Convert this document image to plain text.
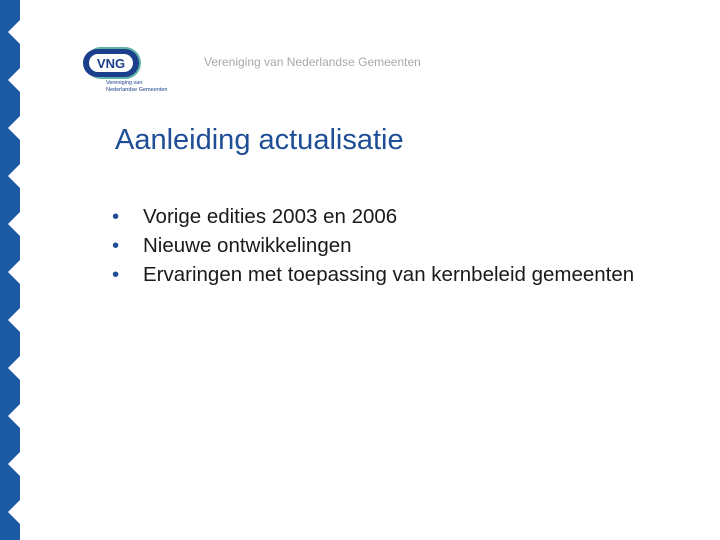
VNG
Vereniging van
Nederlandse Gemeenten
Vereniging van Nederlandse Gemeenten
Aanleiding actualisatie
• Vorige edities 2003 en 2006
• Nieuwe ontwikkelingen
• Ervaringen met toepassing van kernbeleid gemeenten
